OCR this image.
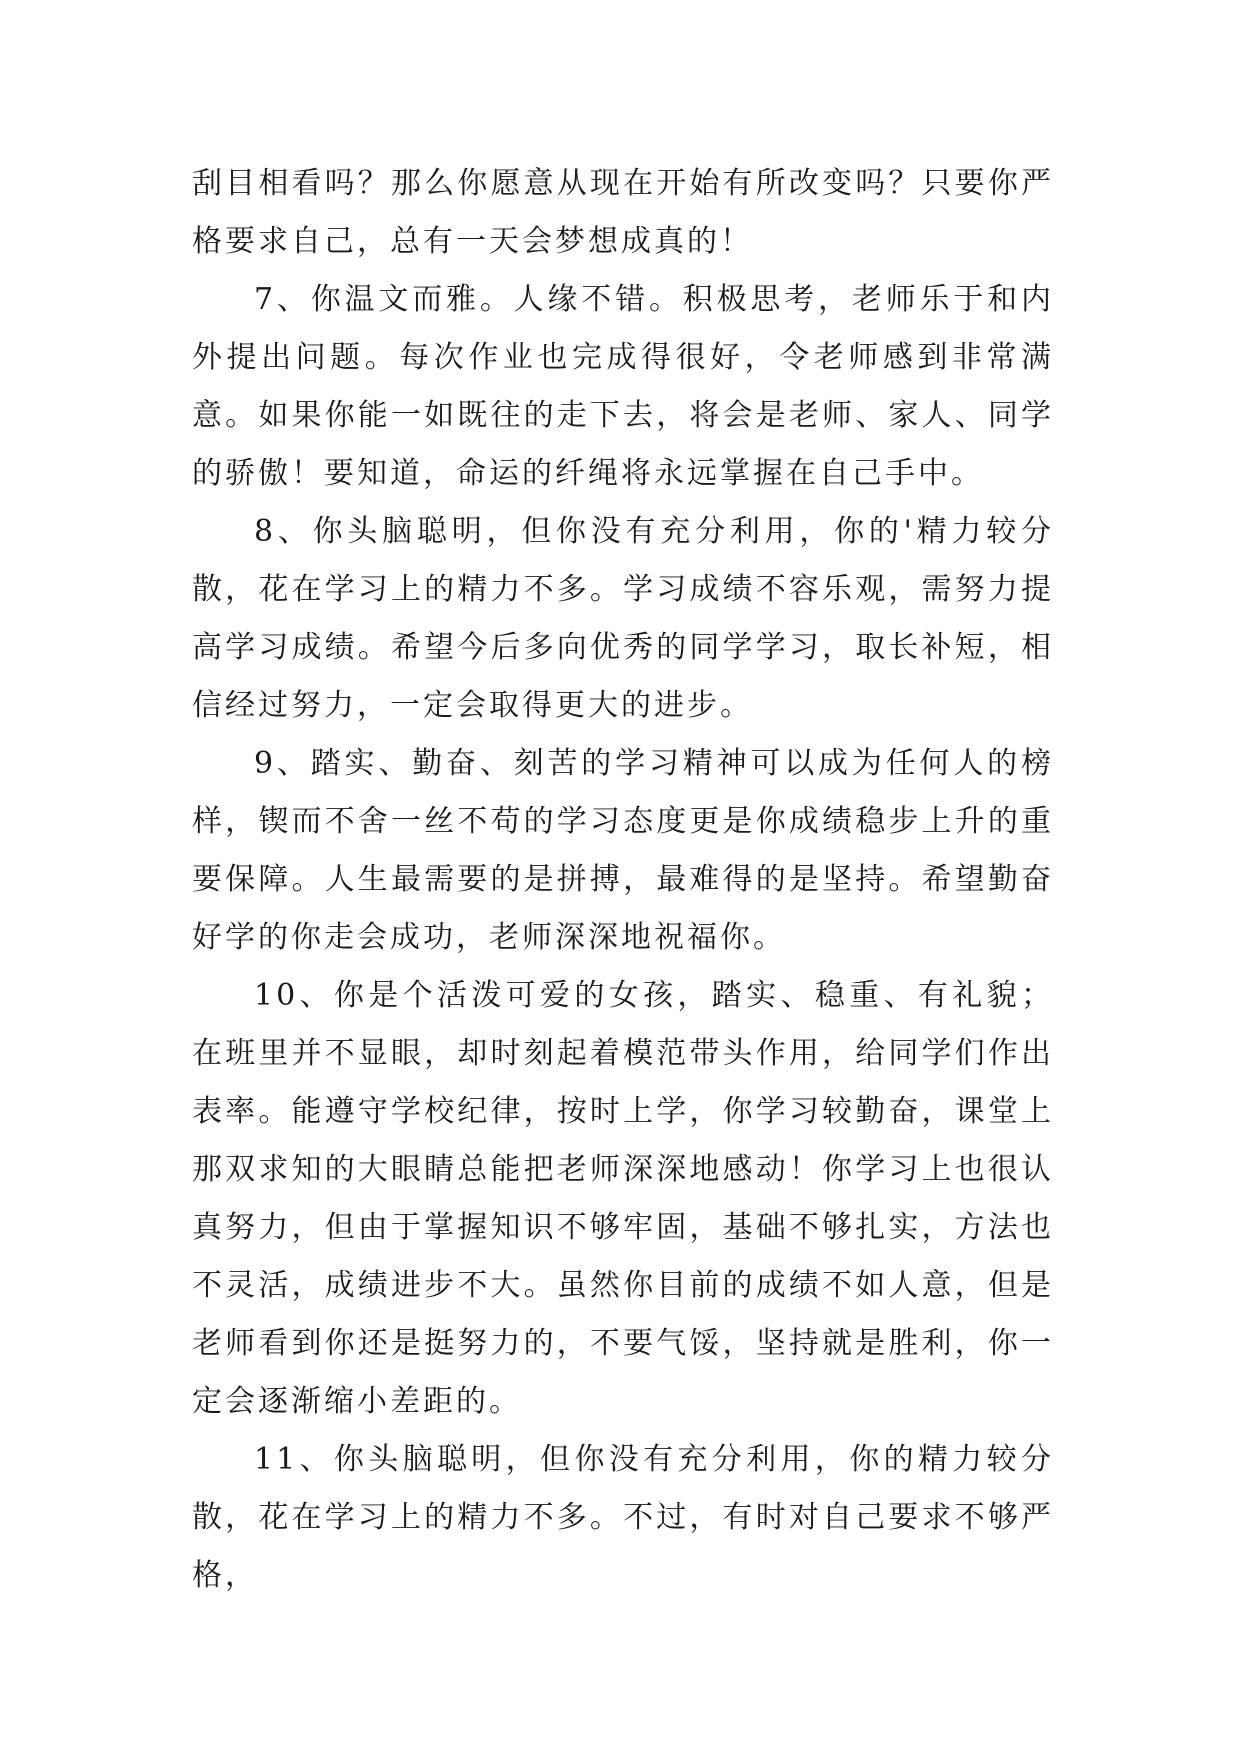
刮目相看吗？那么你愿意从现在开始有所改变吗？只要你严格要求自己，总有一天会梦想成真的！

7、你温文而雅。人缘不错。积极思考，老师乐于和内外提出问题。每次作业也完成得很好，令老师感到非常满意。如果你能一如既往的走下去，将会是老师、家人、同学的骄傲！要知道，命运的纤绳将永远掌握在自己手中。

8、你头脑聪明，但你没有充分利用，你的'精力较分散，花在学习上的精力不多。学习成绩不容乐观，需努力提高学习成绩。希望今后多向优秀的同学学习，取长补短，相信经过努力，一定会取得更大的进步。

9、踏实、勤奋、刻苦的学习精神可以成为任何人的榜样，锲而不舍一丝不苟的学习态度更是你成绩稳步上升的重要保障。人生最需要的是拼搏，最难得的是坚持。希望勤奋好学的你走会成功，老师深深地祝福你。

10、你是个活泼可爱的女孩，踏实、稳重、有礼貌；在班里并不显眼，却时刻起着模范带头作用，给同学们作出表率。能遵守学校纪律，按时上学，你学习较勤奋，课堂上那双求知的大眼睛总能把老师深深地感动！你学习上也很认真努力，但由于掌握知识不够牢固，基础不够扎实，方法也不灵活，成绩进步不大。虽然你目前的成绩不如人意，但是老师看到你还是挺努力的，不要气馁，坚持就是胜利，你一定会逐渐缩小差距的。

11、你头脑聪明，但你没有充分利用，你的精力较分散，花在学习上的精力不多。不过，有时对自己要求不够严格，
